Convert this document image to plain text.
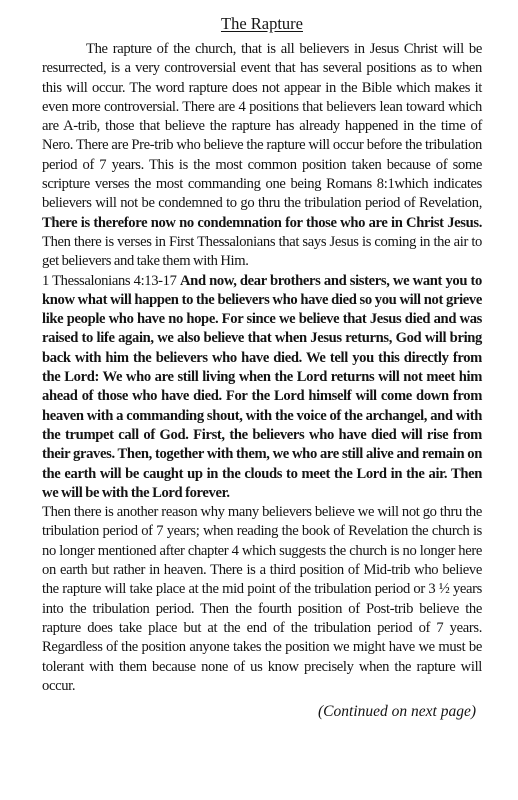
The Rapture

The rapture of the church, that is all believers in Jesus Christ will be resurrected, is a very controversial event that has several positions as to when this will occur. The word rapture does not appear in the Bible which makes it even more controversial. There are 4 positions that believers lean toward which are A-trib, those that believe the rapture has already happened in the time of Nero. There are Pre-trib who believe the rapture will occur before the tribulation period of 7 years. This is the most common position taken because of some scripture verses the most commanding one being Romans 8:1which indicates believers will not be condemned to go thru the tribulation period of Revelation, There is therefore now no condemnation for those who are in Christ Jesus. Then there is verses in First Thessalonians that says Jesus is coming in the air to get believers and take them with Him.

1 Thessalonians 4:13-17 And now, dear brothers and sisters, we want you to know what will happen to the believers who have died so you will not grieve like people who have no hope. For since we believe that Jesus died and was raised to life again, we also believe that when Jesus returns, God will bring back with him the believers who have died. We tell you this directly from the Lord: We who are still living when the Lord returns will not meet him ahead of those who have died. For the Lord himself will come down from heaven with a commanding shout, with the voice of the archangel, and with the trumpet call of God. First, the believers who have died will rise from their graves. Then, together with them, we who are still alive and remain on the earth will be caught up in the clouds to meet the Lord in the air. Then we will be with the Lord forever.

Then there is another reason why many believers believe we will not go thru the tribulation period of 7 years; when reading the book of Revelation the church is no longer mentioned after chapter 4 which suggests the church is no longer here on earth but rather in heaven. There is a third position of Mid-trib who believe the rapture will take place at the mid point of the tribulation period or 3 ½ years into the tribulation period. Then the fourth position of Post-trib believe the rapture does take place but at the end of the tribulation period of 7 years. Regardless of the position anyone takes the position we might have we must be tolerant with them because none of us know precisely when the rapture will occur.

(Continued on next page)
